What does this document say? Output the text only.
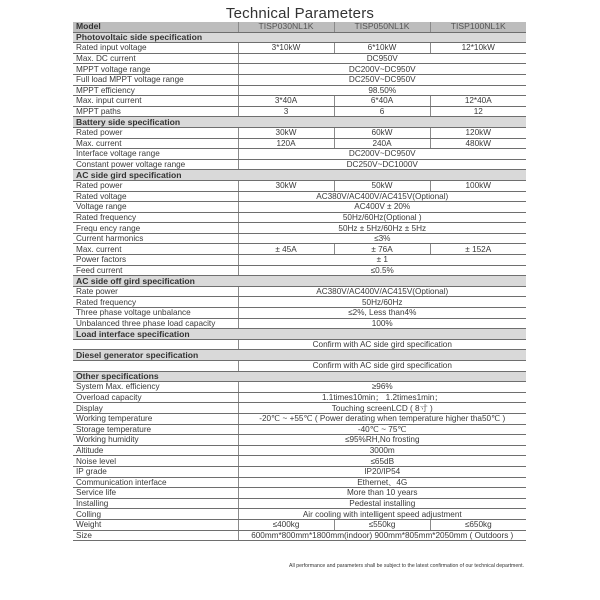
Technical Parameters
Model	TISP030NL1K	TISP050NL1K	TISP100NL1K
Photovoltaic side specification			
Rated input voltage	3*10kW	6*10kW	12*10kW
Max. DC current	DC950V		
MPPT voltage range	DC200V~DC950V		
Full load MPPT voltage range	DC250V~DC950V		
MPPT efficiency	98.50%		
Max. input current	3*40A	6*40A	12*40A
MPPT paths	3	6	12
Battery side specification			
Rated power	30kW	60kW	120kW
Max. current	120A	240A	480kW
Interface voltage range	DC200V~DC950V		
Constant power voltage range	DC250V~DC1000V		
AC side gird specification			
Rated power	30kW	50kW	100kW
Rated voltage	AC380V/AC400V/AC415V(Optional)		
Voltage range	AC400V ± 20%		
Rated frequency	50Hz/60Hz(Optional )		
Frequ ency range	50Hz ± 5Hz/60Hz ± 5Hz		
Current harmonics	≤3%		
Max. current	± 45A	± 76A	± 152A
Power factors	± 1		
Feed current	≤0.5%		
AC side off gird specification			
Rate power	AC380V/AC400V/AC415V(Optional)		
Rated frequency	50Hz/60Hz		
Three phase voltage unbalance	≤2%, Less than4%		
Unbalanced three phase load capacity	100%		
Load interface specification			
	Confirm with AC side gird specification		
Diesel generator specification			
	Confirm with AC side gird specification		
Other specifications			
System Max. efficiency	≥96%		
Overload capacity	1.1times10min； 1.2times1min；		
Display	Touching screenLCD ( 8寸 )		
Working temperature	-20℃ ~ +55℃ ( Power derating when temperature higher tha50℃ )		
Storage temperature	-40℃ ~ 75℃		
Working humidity	≤95%RH,No frosting		
Altitude	3000m		
Noise level	≤65dB		
IP grade	IP20/IP54		
Communication interface	Ethernet、4G		
Service life	More than 10 years		
Installing	Pedestal installing		
Colling	Air cooling with intelligent speed adjustment		
Weight	≤400kg	≤550kg	≤650kg
Size	600mm*800mm*1800mm(indoor) 900mm*805mm*2050mm ( Outdoors )		
All performance and parameters shall be subject to the latest confirmation of our technical department.
